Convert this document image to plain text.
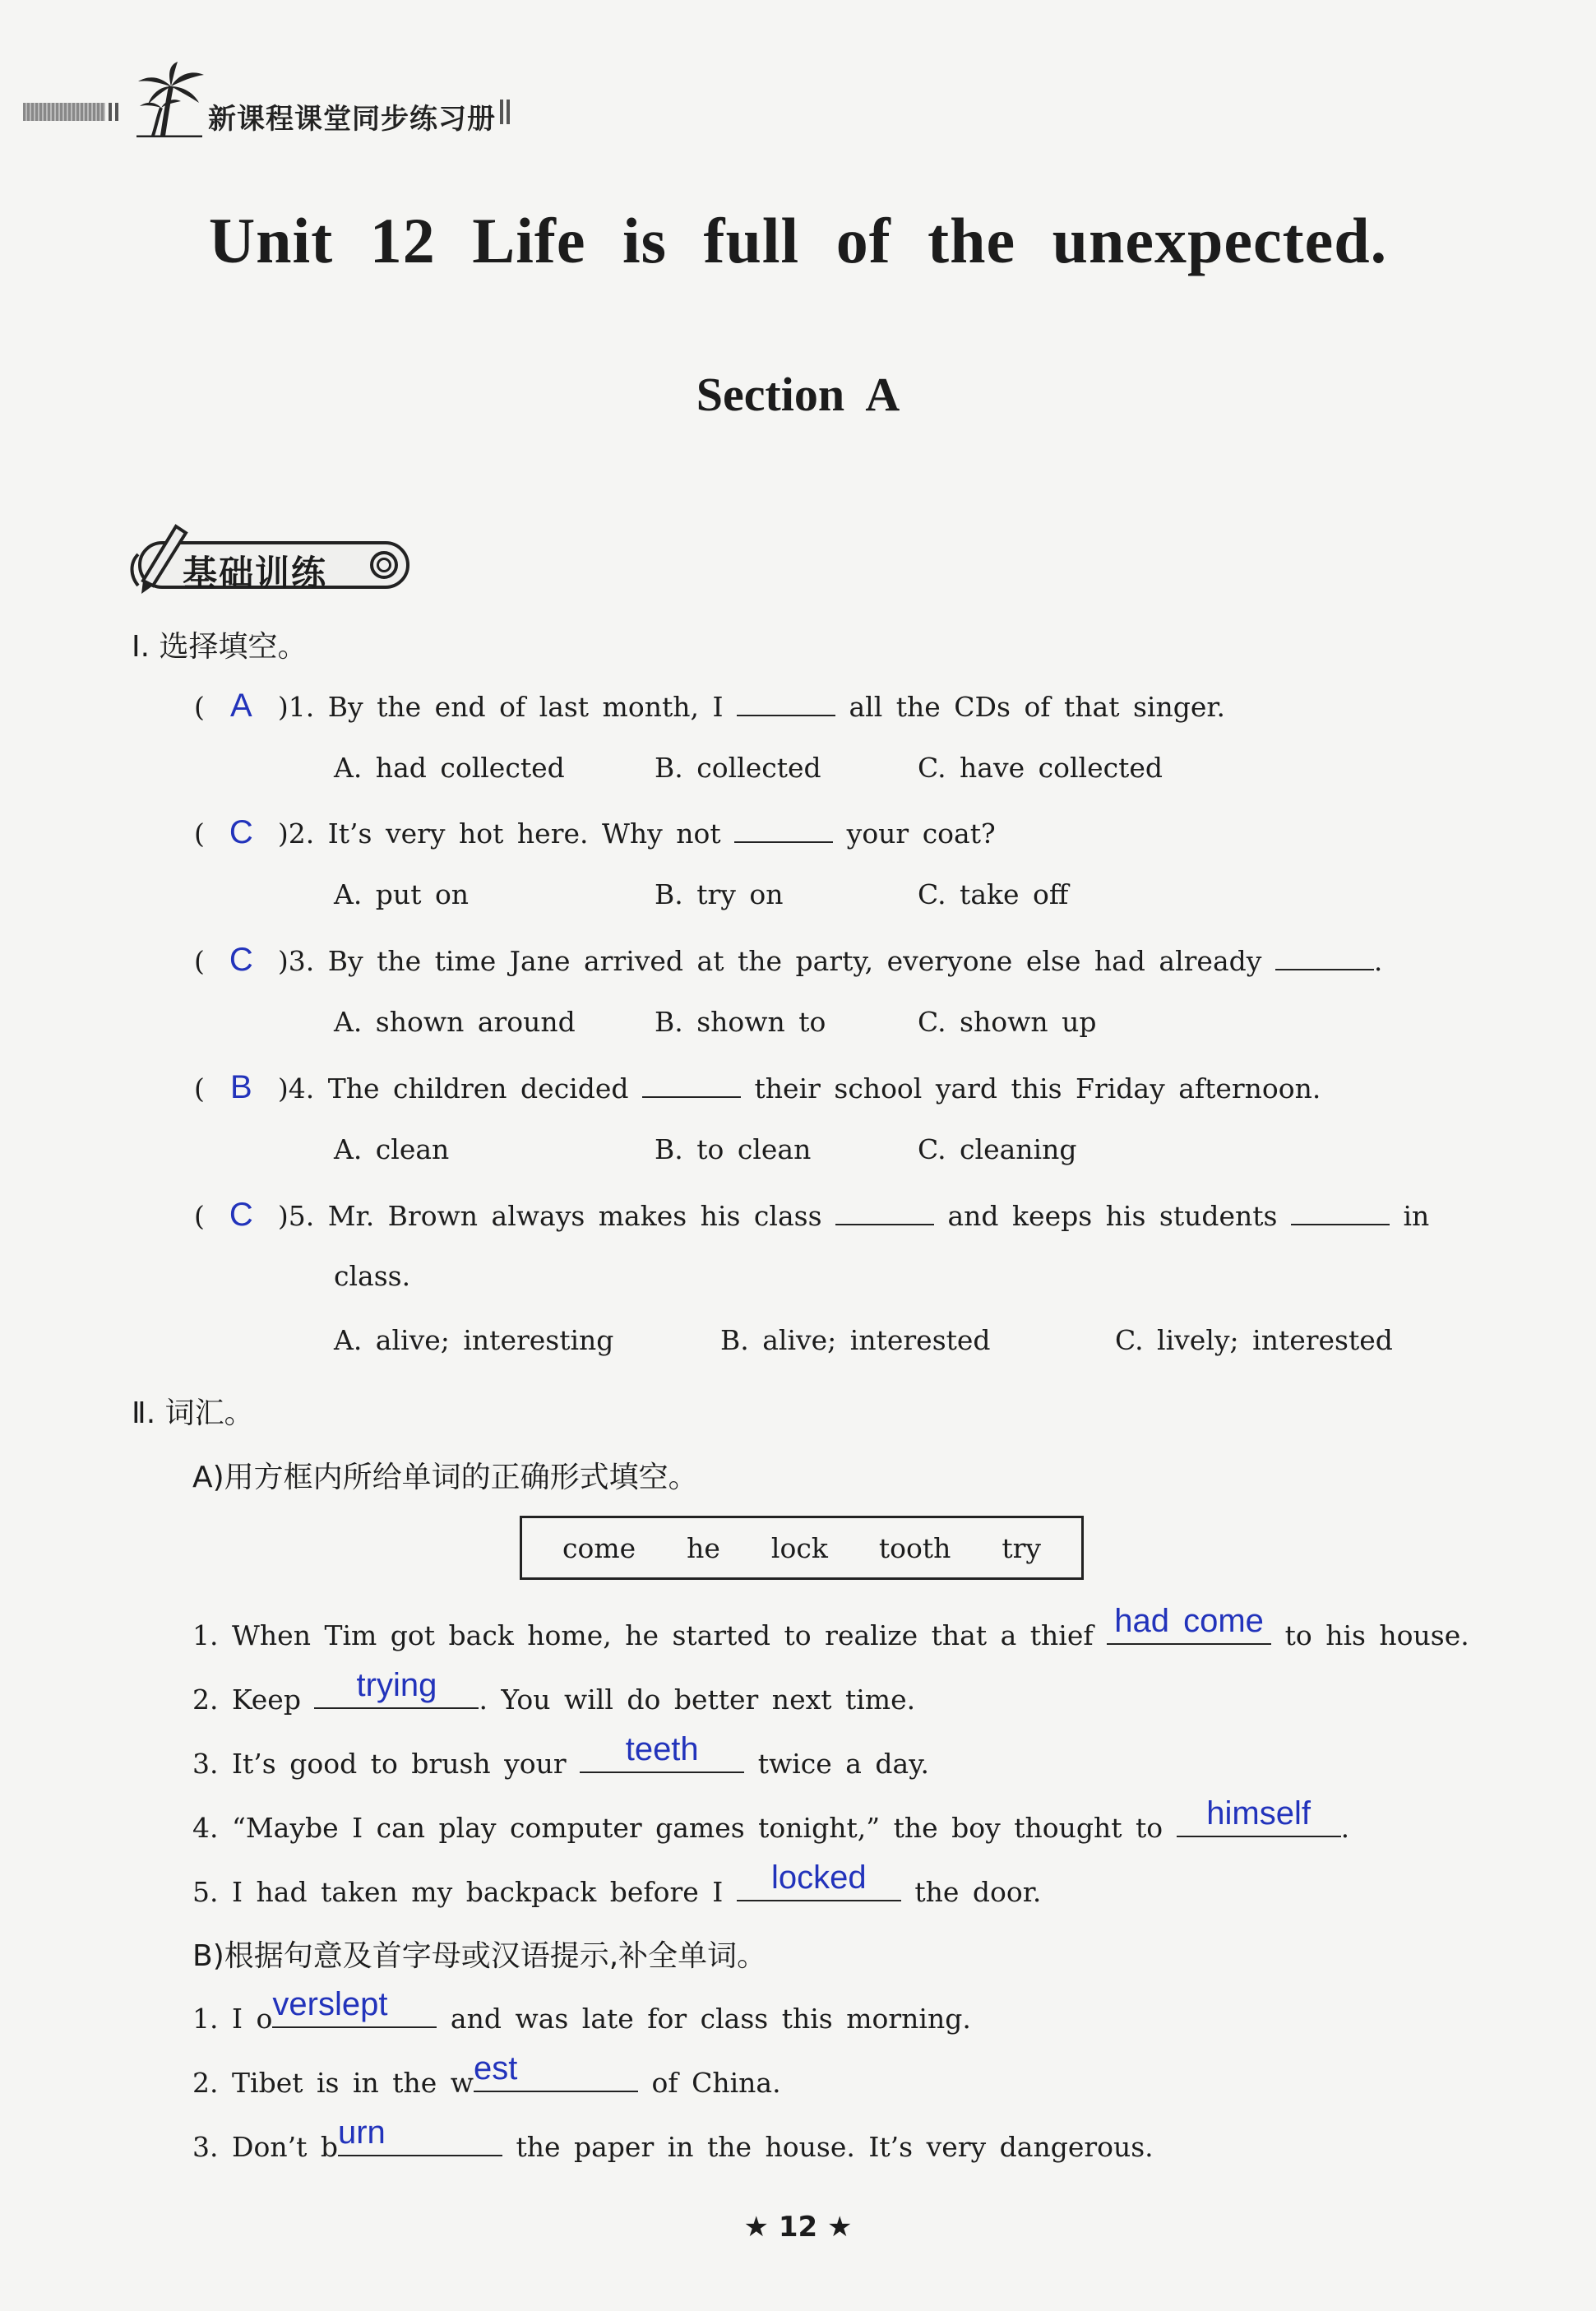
新课程课堂同步练习册
Unit 12 Life is full of the unexpected.
Section A
基础训练
Ⅰ. 选择填空。
( A )1. By the end of last month, I	all the CDs of that singer.
A. had collected	B. collected	C. have collected
( C )2. It’s very hot here. Why not	your coat?
A. put on	B. try on	C. take off
( C )3. By the time Jane arrived at the party, everyone else had already	.
A. shown around	B. shown to	C. shown up
( B )4. The children decided	their school yard this Friday afternoon.
A. clean	B. to clean	C. cleaning
( C )5. Mr. Brown always makes his class	and keeps his students	in
class.
A. alive; interesting	B. alive; interested	C. lively; interested
Ⅱ. 词汇。
A)用方框内所给单词的正确形式填空。
come he lock tooth try
1. When Tim got back home, he started to realize that a thief had come to his house.
2. Keep	trying	. You will do better next time.
3. It’s good to brush your	teeth	twice a day.
4. “Maybe I can play computer games tonight,” the boy thought to	himself	.
5. I had taken my backpack before I	locked	the door.
B)根据句意及首字母或汉语提示,补全单词。
1. I o verslept	and was late for class this morning.
2. Tibet is in the w est	of China.
3. Don’t b urn	the paper in the house. It’s very dangerous.
★ 12 ★
